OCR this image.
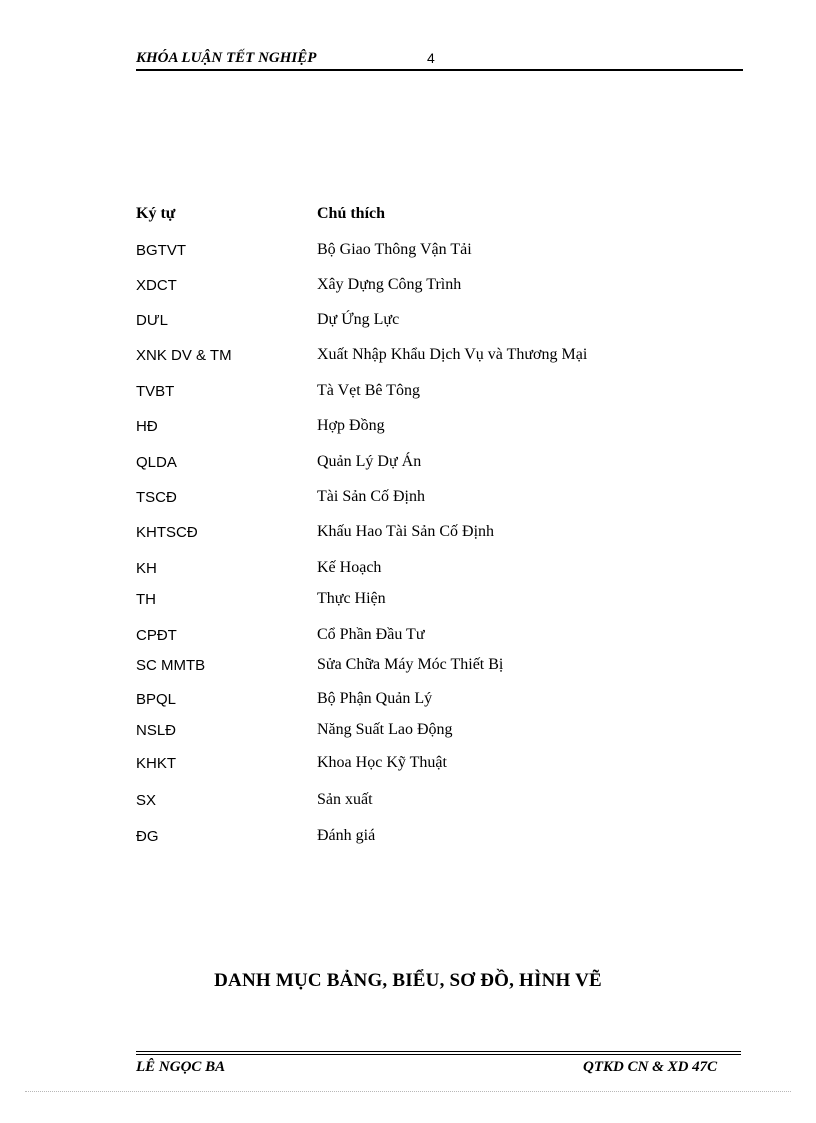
KHÓA LUẬN TẾT NGHIỆP	4
Ký tự	Chú thích
BGTVT	Bộ Giao Thông Vận Tải
XDCT	Xây Dựng Công Trình
DƯL	Dự Ứng Lực
XNK DV & TM	Xuất Nhập Khẩu Dịch Vụ và Thương Mại
TVBT	Tà Vẹt Bê Tông
HĐ	Hợp Đồng
QLDA	Quản Lý Dự Án
TSCĐ	Tài Sản Cố Định
KHTSCĐ	Khấu Hao Tài Sản Cố Định
KH	Kế Hoạch
TH	Thực Hiện
CPĐT	Cổ Phần Đầu Tư
SC MMTB	Sửa Chữa Máy Móc Thiết Bị
BPQL	Bộ Phận Quản Lý
NSLĐ	Năng Suất Lao Động
KHKT	Khoa Học Kỹ Thuật
SX	Sản xuất
ĐG	Đánh giá
DANH MỤC BẢNG, BIỂU, SƠ ĐỒ, HÌNH VẼ
LÊ NGỌC BA	QTKD CN & XD 47C
